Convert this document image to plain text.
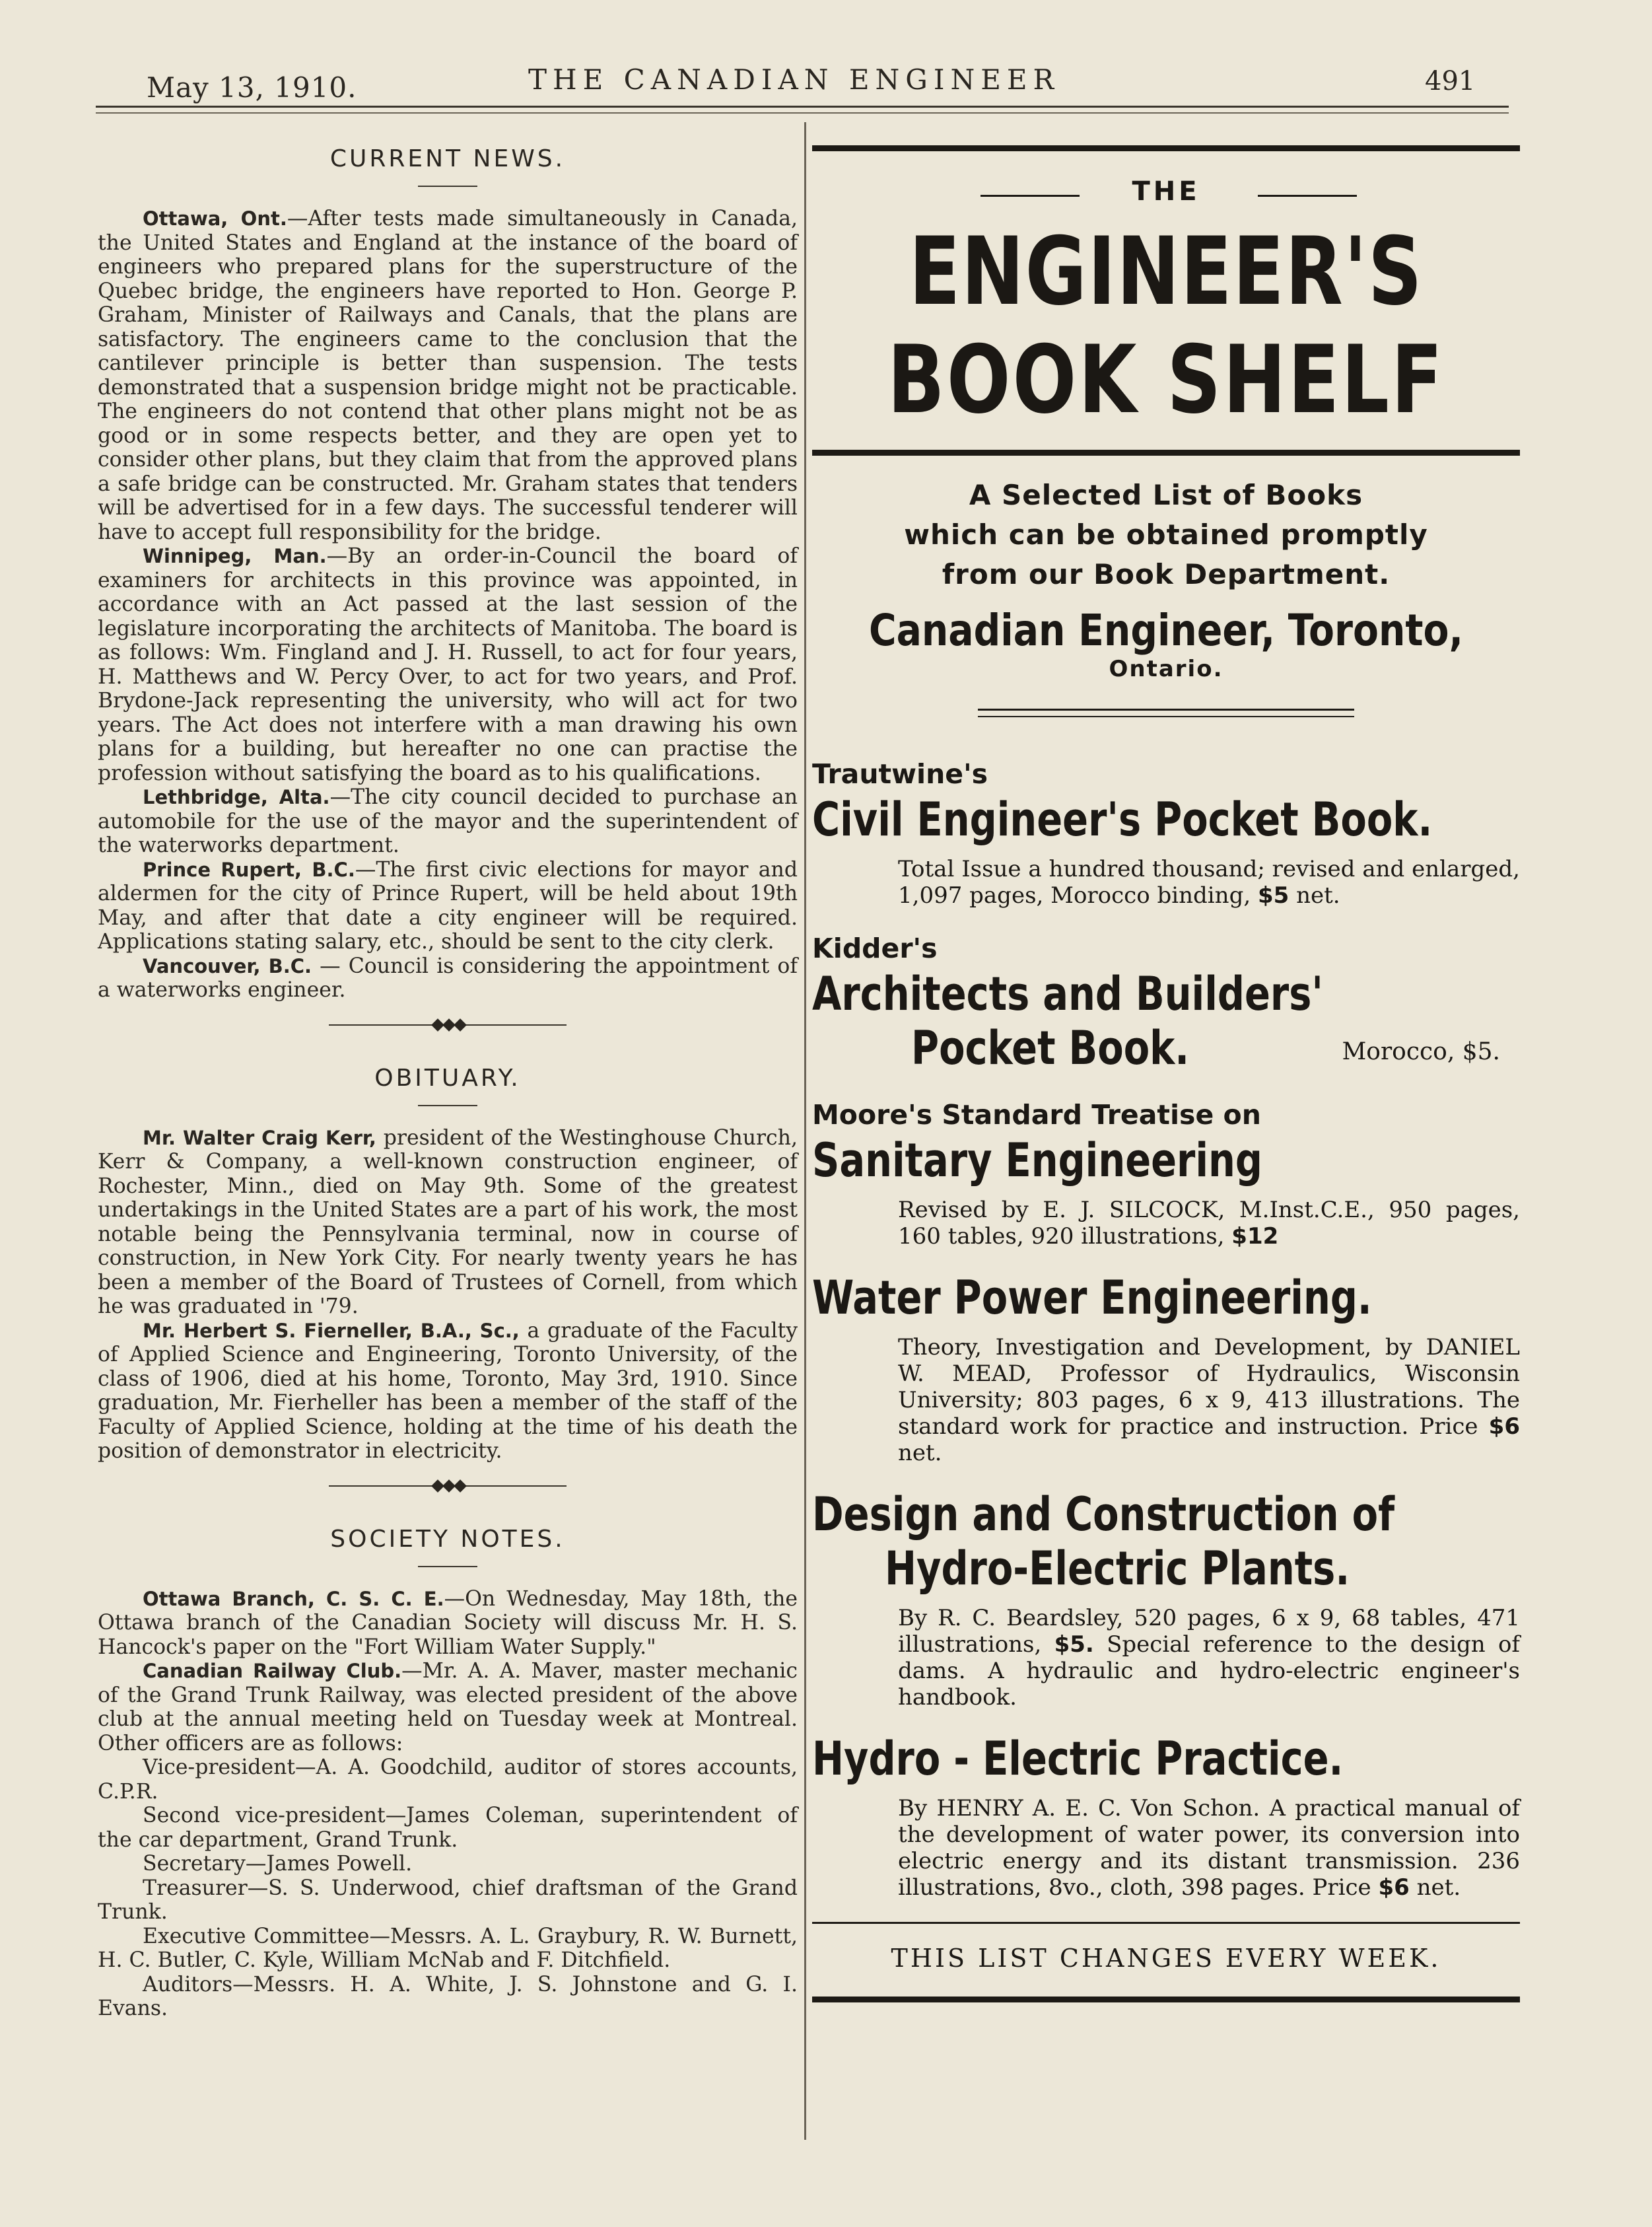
May 13, 1910.	THE CANADIAN ENGINEER	491
CURRENT NEWS.

Ottawa, Ont.—After tests made simultaneously in Canada, the United States and England at the instance of the board of engineers who prepared plans for the superstructure of the Quebec bridge, the engineers have reported to Hon. George P. Graham, Minister of Railways and Canals, that the plans are satisfactory. The engineers came to the conclusion that the cantilever principle is better than suspension. The tests demonstrated that a suspension bridge might not be practicable. The engineers do not contend that other plans might not be as good or in some respects better, and they are open yet to consider other plans, but they claim that from the approved plans a safe bridge can be constructed. Mr. Graham states that tenders will be advertised for in a few days. The successful tenderer will have to accept full responsibility for the bridge.

Winnipeg, Man.—By an order-in-Council the board of examiners for architects in this province was appointed, in accordance with an Act passed at the last session of the legislature incorporating the architects of Manitoba. The board is as follows: Wm. Fingland and J. H. Russell, to act for four years, H. Matthews and W. Percy Over, to act for two years, and Prof. Brydone-Jack representing the university, who will act for two years. The Act does not interfere with a man drawing his own plans for a building, but hereafter no one can practise the profession without satisfying the board as to his qualifications.

Lethbridge, Alta.—The city council decided to purchase an automobile for the use of the mayor and the superintendent of the waterworks department.

Prince Rupert, B.C.—The first civic elections for mayor and aldermen for the city of Prince Rupert, will be held about 19th May, and after that date a city engineer will be required. Applications stating salary, etc., should be sent to the city clerk.

Vancouver, B.C. — Council is considering the appointment of a waterworks engineer.

OBITUARY.

Mr. Walter Craig Kerr, president of the Westinghouse Church, Kerr & Company, a well-known construction engineer, of Rochester, Minn., died on May 9th. Some of the greatest undertakings in the United States are a part of his work, the most notable being the Pennsylvania terminal, now in course of construction, in New York City. For nearly twenty years he has been a member of the Board of Trustees of Cornell, from which he was graduated in '79.

Mr. Herbert S. Fierneller, B.A., Sc., a graduate of the Faculty of Applied Science and Engineering, Toronto University, of the class of 1906, died at his home, Toronto, May 3rd, 1910. Since graduation, Mr. Fierheller has been a member of the staff of the Faculty of Applied Science, holding at the time of his death the position of demonstrator in electricity.

SOCIETY NOTES.

Ottawa Branch, C. S. C. E.—On Wednesday, May 18th, the Ottawa branch of the Canadian Society will discuss Mr. H. S. Hancock's paper on the "Fort William Water Supply."

Canadian Railway Club.—Mr. A. A. Maver, master mechanic of the Grand Trunk Railway, was elected president of the above club at the annual meeting held on Tuesday week at Montreal. Other officers are as follows:

Vice-president—A. A. Goodchild, auditor of stores accounts, C.P.R.

Second vice-president—James Coleman, superintendent of the car department, Grand Trunk.

Secretary—James Powell.

Treasurer—S. S. Underwood, chief draftsman of the Grand Trunk.

Executive Committee—Messrs. A. L. Graybury, R. W. Burnett, H. C. Butler, C. Kyle, William McNab and F. Ditchfield.

Auditors—Messrs. H. A. White, J. S. Johnstone and G. I. Evans.

THE
ENGINEER'S
BOOK SHELF
A Selected List of Books
which can be obtained promptly
from our Book Department.
Canadian Engineer, Toronto,
Ontario.
Trautwine's
Civil Engineer's Pocket Book.
Total Issue a hundred thousand; revised and enlarged, 1,097 pages, Morocco binding, $5 net.
Kidder's
Architects and Builders'
Pocket Book.	Morocco, $5.
Moore's Standard Treatise on
Sanitary Engineering
Revised by E. J. SILCOCK, M.Inst.C.E., 950 pages, 160 tables, 920 illustrations, $12
Water Power Engineering.
Theory, Investigation and Development, by DANIEL W. MEAD, Professor of Hydraulics, Wisconsin University; 803 pages, 6 x 9, 413 illustrations. The standard work for practice and instruction. Price $6 net.
Design and Construction of
Hydro-Electric Plants.
By R. C. Beardsley, 520 pages, 6 x 9, 68 tables, 471 illustrations, $5. Special reference to the design of dams. A hydraulic and hydro-electric engineer's handbook.
Hydro - Electric Practice.
By HENRY A. E. C. Von Schon. A practical manual of the development of water power, its conversion into electric energy and its distant transmission. 236 illustrations, 8vo., cloth, 398 pages. Price $6 net.
THIS LIST CHANGES EVERY WEEK.
